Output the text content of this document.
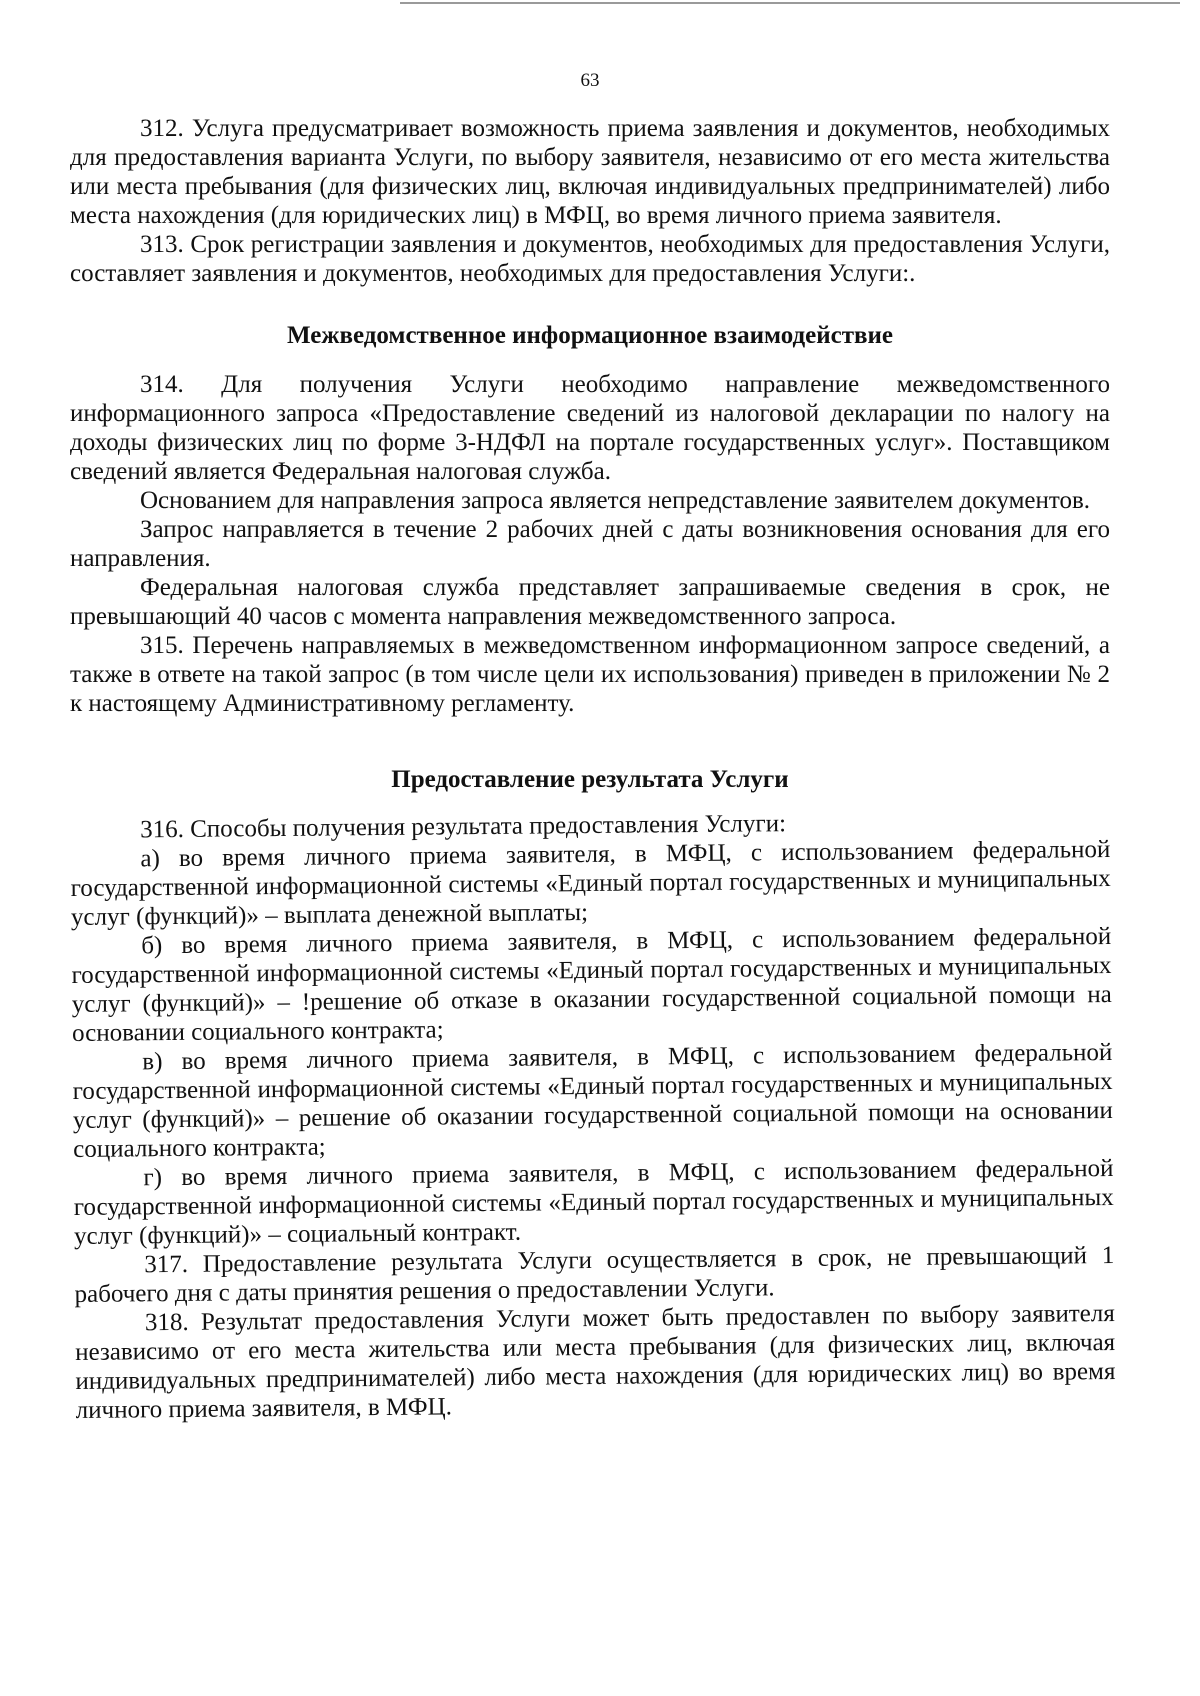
63

312. Услуга предусматривает возможность приема заявления и документов, необходимых для предоставления варианта Услуги, по выбору заявителя, независимо от его места жительства или места пребывания (для физических лиц, включая индивидуальных предпринимателей) либо места нахождения (для юридических лиц) в МФЦ, во время личного приема заявителя.

313. Срок регистрации заявления и документов, необходимых для предоставления Услуги, составляет заявления и документов, необходимых для предоставления Услуги:.

Межведомственное информационное взаимодействие

314. Для получения Услуги необходимо направление межведомственного информационного запроса «Предоставление сведений из налоговой декларации по налогу на доходы физических лиц по форме 3-НДФЛ на портале государственных услуг». Поставщиком сведений является Федеральная налоговая служба.

Основанием для направления запроса является непредставление заявителем документов.

Запрос направляется в течение 2 рабочих дней с даты возникновения основания для его направления.

Федеральная налоговая служба представляет запрашиваемые сведения в срок, не превышающий 40 часов с момента направления межведомственного запроса.

315. Перечень направляемых в межведомственном информационном запросе сведений, а также в ответе на такой запрос (в том числе цели их использования) приведен в приложении № 2 к настоящему Административному регламенту.

Предоставление результата Услуги

316. Способы получения результата предоставления Услуги:

а) во время личного приема заявителя, в МФЦ, с использованием федеральной государственной информационной системы «Единый портал государственных и муниципальных услуг (функций)» – выплата денежной выплаты;

б) во время личного приема заявителя, в МФЦ, с использованием федеральной государственной информационной системы «Единый портал государственных и муниципальных услуг (функций)» – !решение об отказе в оказании государственной социальной помощи на основании социального контракта;

в) во время личного приема заявителя, в МФЦ, с использованием федеральной государственной информационной системы «Единый портал государственных и муниципальных услуг (функций)» – решение об оказании государственной социальной помощи на основании социального контракта;

г) во время личного приема заявителя, в МФЦ, с использованием федеральной государственной информационной системы «Единый портал государственных и муниципальных услуг (функций)» – социальный контракт.

317. Предоставление результата Услуги осуществляется в срок, не превышающий 1 рабочего дня с даты принятия решения о предоставлении Услуги.

318. Результат предоставления Услуги может быть предоставлен по выбору заявителя независимо от его места жительства или места пребывания (для физических лиц, включая индивидуальных предпринимателей) либо места нахождения (для юридических лиц) во время личного приема заявителя, в МФЦ.
